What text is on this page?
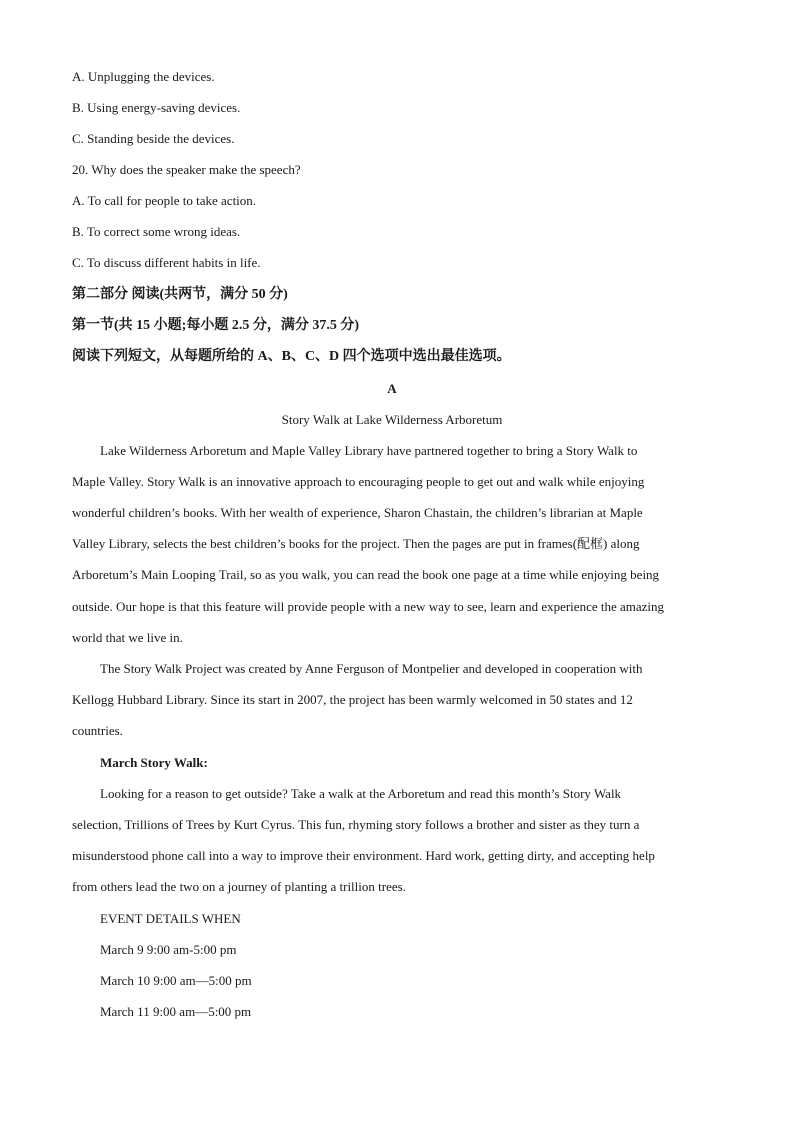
A. Unplugging the devices.
B. Using energy-saving devices.
C. Standing beside the devices.
20. Why does the speaker make the speech?
A. To call for people to take action.
B. To correct some wrong ideas.
C. To discuss different habits in life.
第二部分 阅读(共两节，满分 50 分)
第一节(共 15 小题;每小题 2.5 分，满分 37.5 分)
阅读下列短文，从每题所给的 A、B、C、D 四个选项中选出最佳选项。
A
Story Walk at Lake Wilderness Arboretum
Lake Wilderness Arboretum and Maple Valley Library have partnered together to bring a Story Walk to
Maple Valley. Story Walk is an innovative approach to encouraging people to get out and walk while enjoying
wonderful children’s books. With her wealth of experience, Sharon Chastain, the children’s librarian at Maple
Valley Library, selects the best children’s books for the project. Then the pages are put in frames(配框) along
Arboretum’s Main Looping Trail, so as you walk, you can read the book one page at a time while enjoying being
outside. Our hope is that this feature will provide people with a new way to see, learn and experience the amazing
world that we live in.
The Story Walk Project was created by Anne Ferguson of Montpelier and developed in cooperation with
Kellogg Hubbard Library. Since its start in 2007, the project has been warmly welcomed in 50 states and 12
countries.
March Story Walk:
Looking for a reason to get outside? Take a walk at the Arboretum and read this month’s Story Walk
selection, Trillions of Trees by Kurt Cyrus. This fun, rhyming story follows a brother and sister as they turn a
misunderstood phone call into a way to improve their environment. Hard work, getting dirty, and accepting help
from others lead the two on a journey of planting a trillion trees.
EVENT DETAILS WHEN
March 9 9:00 am-5:00 pm
March 10 9:00 am—5:00 pm
March 11 9:00 am—5:00 pm
